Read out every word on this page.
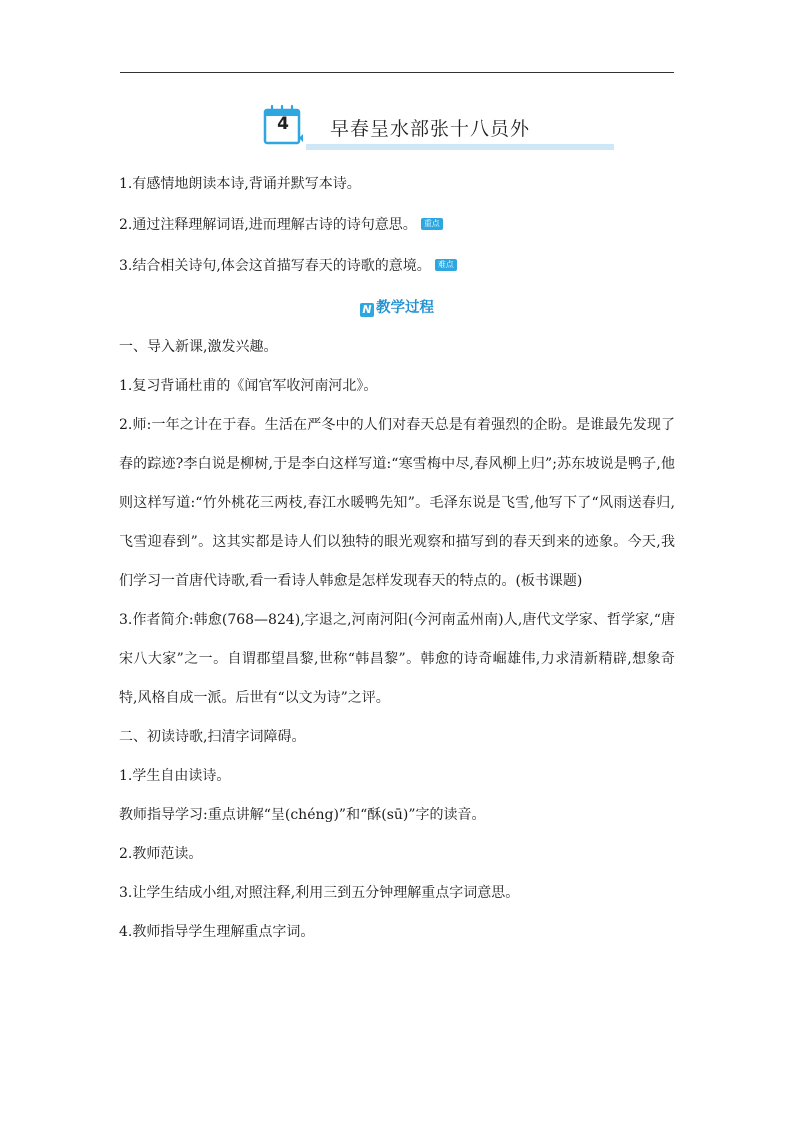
4	早春呈水部张十八员外

1.有感情地朗读本诗,背诵并默写本诗。

2.通过注释理解词语,进而理解古诗的诗句意思。 重点

3.结合相关诗句,体会这首描写春天的诗歌的意境。 难点

N 教学过程

一、导入新课,激发兴趣。

1.复习背诵杜甫的《闻官军收河南河北》。

2.师:一年之计在于春。生活在严冬中的人们对春天总是有着强烈的企盼。是谁最先发现了春的踪迹?李白说是柳树,于是李白这样写道:“寒雪梅中尽,春风柳上归”;苏东坡说是鸭子,他则这样写道:“竹外桃花三两枝,春江水暖鸭先知”。毛泽东说是飞雪,他写下了“风雨送春归,飞雪迎春到”。这其实都是诗人们以独特的眼光观察和描写到的春天到来的迹象。今天,我们学习一首唐代诗歌,看一看诗人韩愈是怎样发现春天的特点的。(板书课题)

3.作者简介:韩愈(768—824),字退之,河南河阳(今河南孟州南)人,唐代文学家、哲学家,“唐宋八大家”之一。自谓郡望昌黎,世称“韩昌黎”。韩愈的诗奇崛雄伟,力求清新精辟,想象奇特,风格自成一派。后世有“以文为诗”之评。

二、初读诗歌,扫清字词障碍。

1.学生自由读诗。

教师指导学习:重点讲解“呈(chéng)”和“酥(sū)”字的读音。

2.教师范读。

3.让学生结成小组,对照注释,利用三到五分钟理解重点字词意思。

4.教师指导学生理解重点字词。
